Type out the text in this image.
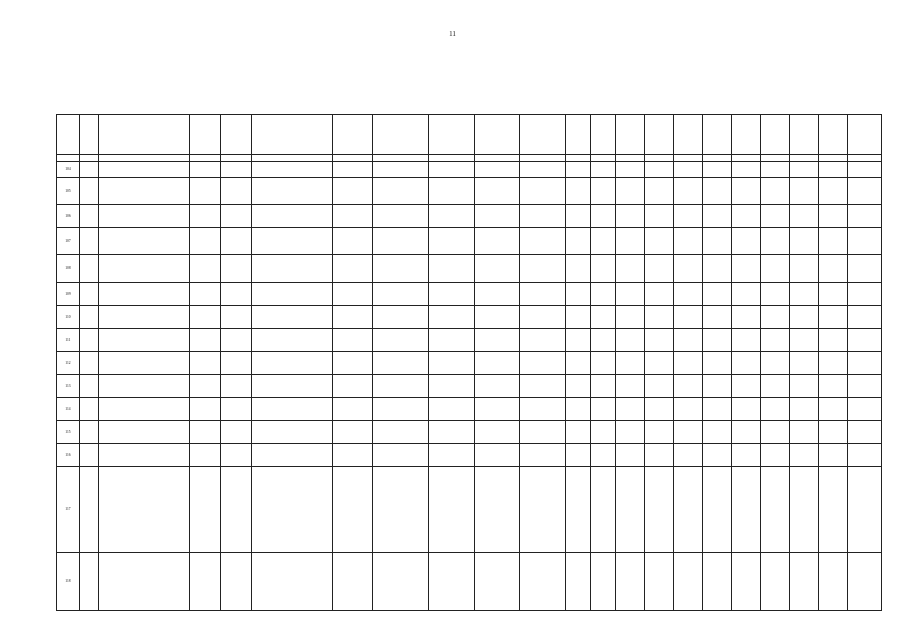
11

104																					
105																					
106																					
107																					
108																					
109																					
110																					
111																					
112																					
113																					
114																					
115																					
116																					
117																					
118																					
